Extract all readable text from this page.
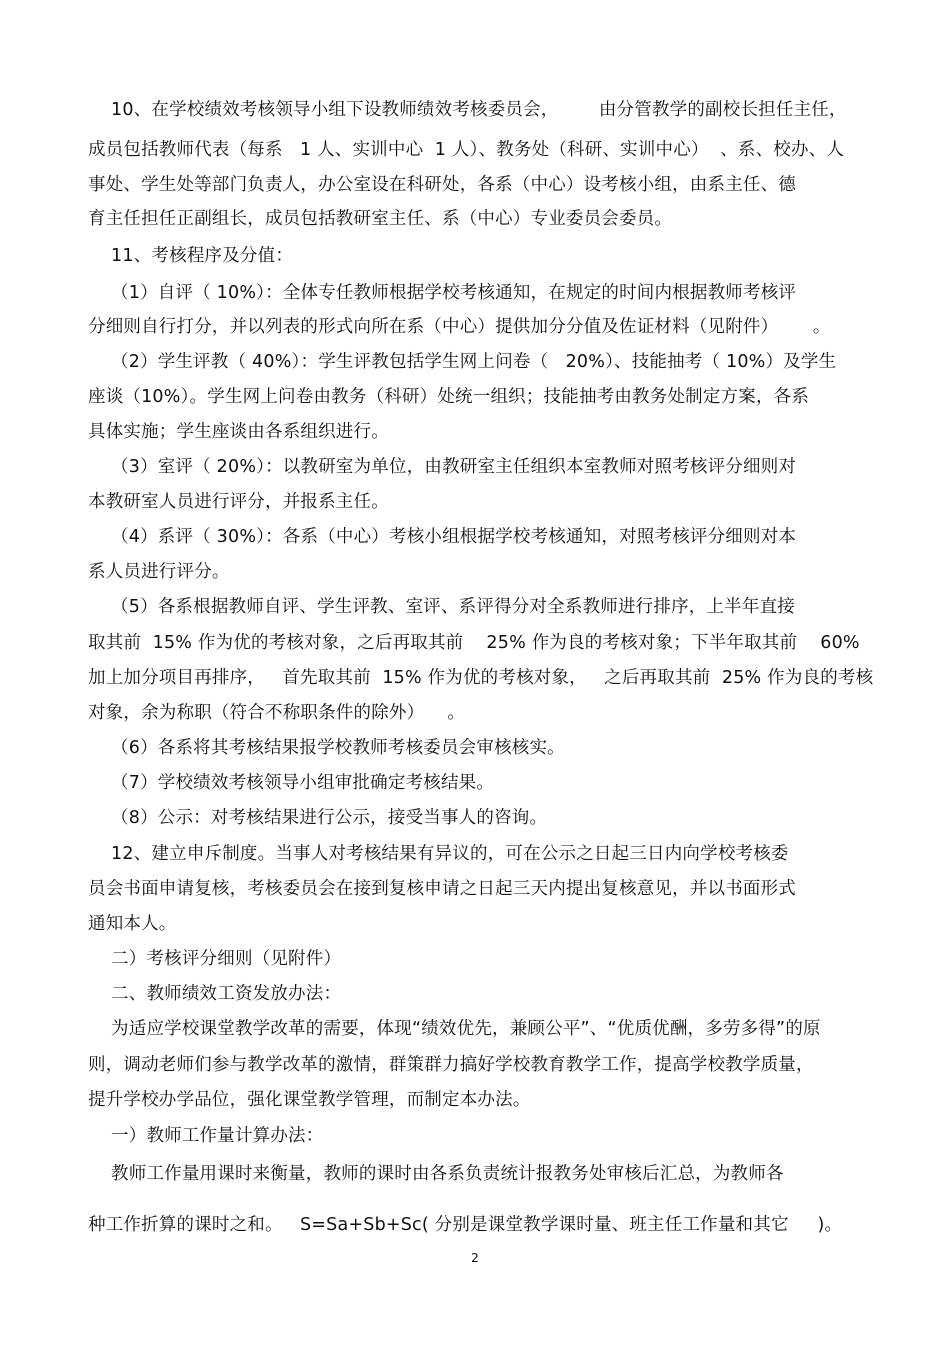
10、在学校绩效考核领导小组下设教师绩效考核委员会，       由分管教学的副校长担任主任，
成员包括教师代表（每系   1 人、实训中心  1 人）、教务处（科研、实训中心）  、系、校办、人
事处、学生处等部门负责人，办公室设在科研处，各系（中心）设考核小组，由系主任、德
育主任担任正副组长，成员包括教研室主任、系（中心）专业委员会委员。
11、考核程序及分值：
（1）自评（ 10%）：全体专任教师根据学校考核通知，在规定的时间内根据教师考核评
分细则自行打分，并以列表的形式向所在系（中心）提供加分分值及佐证材料（见附件）      。
（2）学生评教（ 40%）：学生评教包括学生网上问卷（   20%）、技能抽考（ 10%）及学生
座谈（10%）。学生网上问卷由教务（科研）处统一组织；技能抽考由教务处制定方案，各系
具体实施；学生座谈由各系组织进行。
（3）室评（ 20%）：以教研室为单位，由教研室主任组织本室教师对照考核评分细则对
本教研室人员进行评分，并报系主任。
（4）系评（ 30%）：各系（中心）考核小组根据学校考核通知，对照考核评分细则对本
系人员进行评分。
（5）各系根据教师自评、学生评教、室评、系评得分对全系教师进行排序，上半年直接
取其前  15% 作为优的考核对象，之后再取其前    25% 作为良的考核对象；下半年取其前    60%
加上加分项目再排序，   首先取其前  15% 作为优的考核对象，   之后再取其前  25% 作为良的考核
对象，余为称职（符合不称职条件的除外）    。
（6）各系将其考核结果报学校教师考核委员会审核核实。
（7）学校绩效考核领导小组审批确定考核结果。
（8）公示：对考核结果进行公示，接受当事人的咨询。
12、建立申斥制度。当事人对考核结果有异议的，可在公示之日起三日内向学校考核委
员会书面申请复核，考核委员会在接到复核申请之日起三天内提出复核意见，并以书面形式
通知本人。
二）考核评分细则（见附件）
二、教师绩效工资发放办法：
为适应学校课堂教学改革的需要，体现“绩效优先，兼顾公平”、“优质优酬，多劳多得”的原
则，调动老师们参与教学改革的激情，群策群力搞好学校教育教学工作，提高学校教学质量，
提升学校办学品位，强化课堂教学管理，而制定本办法。
一）教师工作量计算办法：
教师工作量用课时来衡量，教师的课时由各系负责统计报教务处审核后汇总，为教师各
种工作折算的课时之和。   S=Sa+Sb+Sc( 分别是课堂教学课时量、班主任工作量和其它     )。
2
